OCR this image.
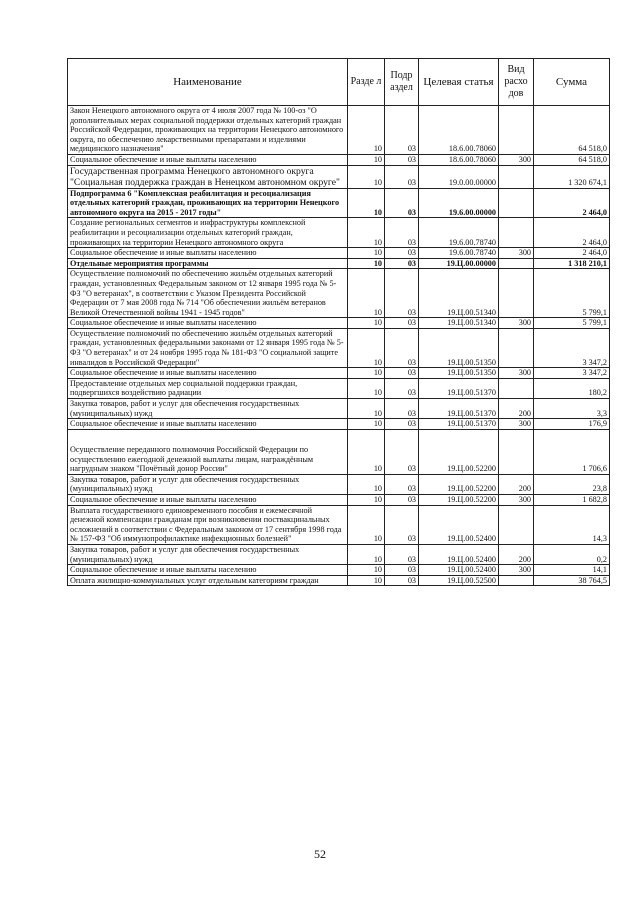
Наименование	Разде л	Подр аздел	Целевая статья	Вид расхо дов	Сумма
Закон Ненецкого автономного округа от 4 июля 2007 года № 100-оз "О дополнительных мерах социальной поддержки отдельных категорий граждан Российской Федерации, проживающих на территории Ненецкого автономного округа, по обеспечению лекарственными препаратами и изделиями медицинского назначения"	10	03	18.6.00.78060		64 518,0
Социальное обеспечение и иные выплаты населению	10	03	18.6.00.78060	300	64 518,0
Государственная программа Ненецкого автономного округа "Социальная поддержка граждан в Ненецком автономном округе"	10	03	19.0.00.00000		1 320 674,1
Подпрограмма 6 "Комплексная реабилитация и ресоциализация отдельных категорий граждан, проживающих на территории Ненецкого автономного округа на 2015 - 2017 годы"	10	03	19.6.00.00000		2 464,0
Создание региональных сегментов и инфраструктуры комплексной реабилитации и ресоциализации отдельных категорий граждан, проживающих на территории Ненецкого автономного округа	10	03	19.6.00.78740		2 464,0
Социальное обеспечение и иные выплаты населению	10	03	19.6.00.78740	300	2 464,0
Отдельные мероприятия программы	10	03	19.Ц.00.00000		1 318 210,1
Осуществление полномочий по обеспечению жильём отдельных категорий граждан, установленных Федеральным законом от 12 января 1995 года № 5-ФЗ "О ветеранах", в соответствии с Указом Президента Российской Федерации от 7 мая 2008 года № 714 "Об обеспечении жильём ветеранов Великой Отечественной войны 1941 - 1945 годов"	10	03	19.Ц.00.51340		5 799,1
Социальное обеспечение и иные выплаты населению	10	03	19.Ц.00.51340	300	5 799,1
Осуществление полномочий по обеспечению жильём отдельных категорий граждан, установленных федеральными законами от 12 января 1995 года № 5-ФЗ "О ветеранах" и от 24 ноября 1995 года № 181-ФЗ "О социальной защите инвалидов в Российской Федерации"	10	03	19.Ц.00.51350		3 347,2
Социальное обеспечение и иные выплаты населению	10	03	19.Ц.00.51350	300	3 347,2
Предоставление отдельных мер социальной поддержки граждан, подвергшихся воздействию радиации	10	03	19.Ц.00.51370		180,2
Закупка товаров, работ и услуг для обеспечения государственных (муниципальных) нужд	10	03	19.Ц.00.51370	200	3,3
Социальное обеспечение и иные выплаты населению	10	03	19.Ц.00.51370	300	176,9
Осуществление переданного полномочия Российской Федерации по осуществлению ежегодной денежной выплаты лицам, награждённым нагрудным знаком "Почётный донор России"	10	03	19.Ц.00.52200		1 706,6
Закупка товаров, работ и услуг для обеспечения государственных (муниципальных) нужд	10	03	19.Ц.00.52200	200	23,8
Социальное обеспечение и иные выплаты населению	10	03	19.Ц.00.52200	300	1 682,8
Выплата государственного единовременного пособия и ежемесячной денежной компенсации гражданам при возникновении поствакцинальных осложнений в соответствии с Федеральным законом от 17 сентября 1998 года № 157-ФЗ "Об иммунопрофилактике инфекционных болезней"	10	03	19.Ц.00.52400		14,3
Закупка товаров, работ и услуг для обеспечения государственных (муниципальных) нужд	10	03	19.Ц.00.52400	200	0,2
Социальное обеспечение и иные выплаты населению	10	03	19.Ц.00.52400	300	14,1
Оплата жилищно-коммунальных услуг отдельным категориям граждан	10	03	19.Ц.00.52500		38 764,5
52
